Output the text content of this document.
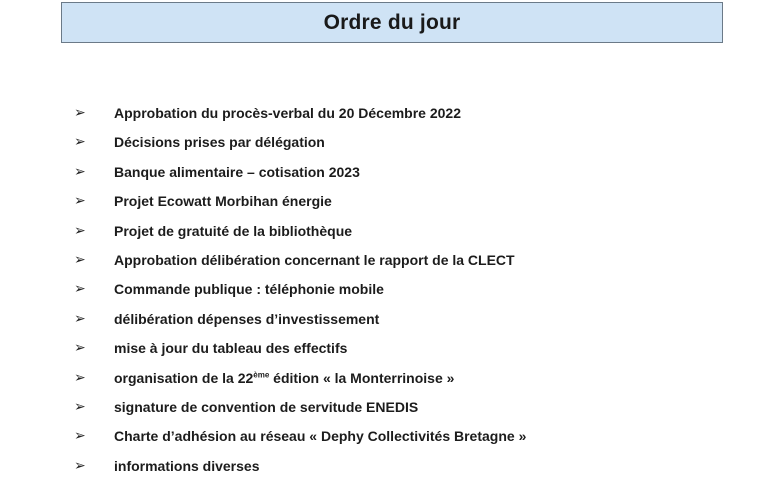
Ordre du jour
➢ Approbation du procès-verbal du 20 Décembre 2022
➢ Décisions prises par délégation
➢ Banque alimentaire – cotisation 2023
➢ Projet Ecowatt Morbihan énergie
➢ Projet de gratuité de la bibliothèque
➢ Approbation délibération concernant le rapport de la CLECT
➢ Commande publique : téléphonie mobile
➢ délibération dépenses d’investissement
➢ mise à jour du tableau des effectifs
➢ organisation de la 22ème édition « la Monterrinoise »
➢ signature de convention de servitude ENEDIS
➢ Charte d’adhésion au réseau « Dephy Collectivités Bretagne »
➢ informations diverses
